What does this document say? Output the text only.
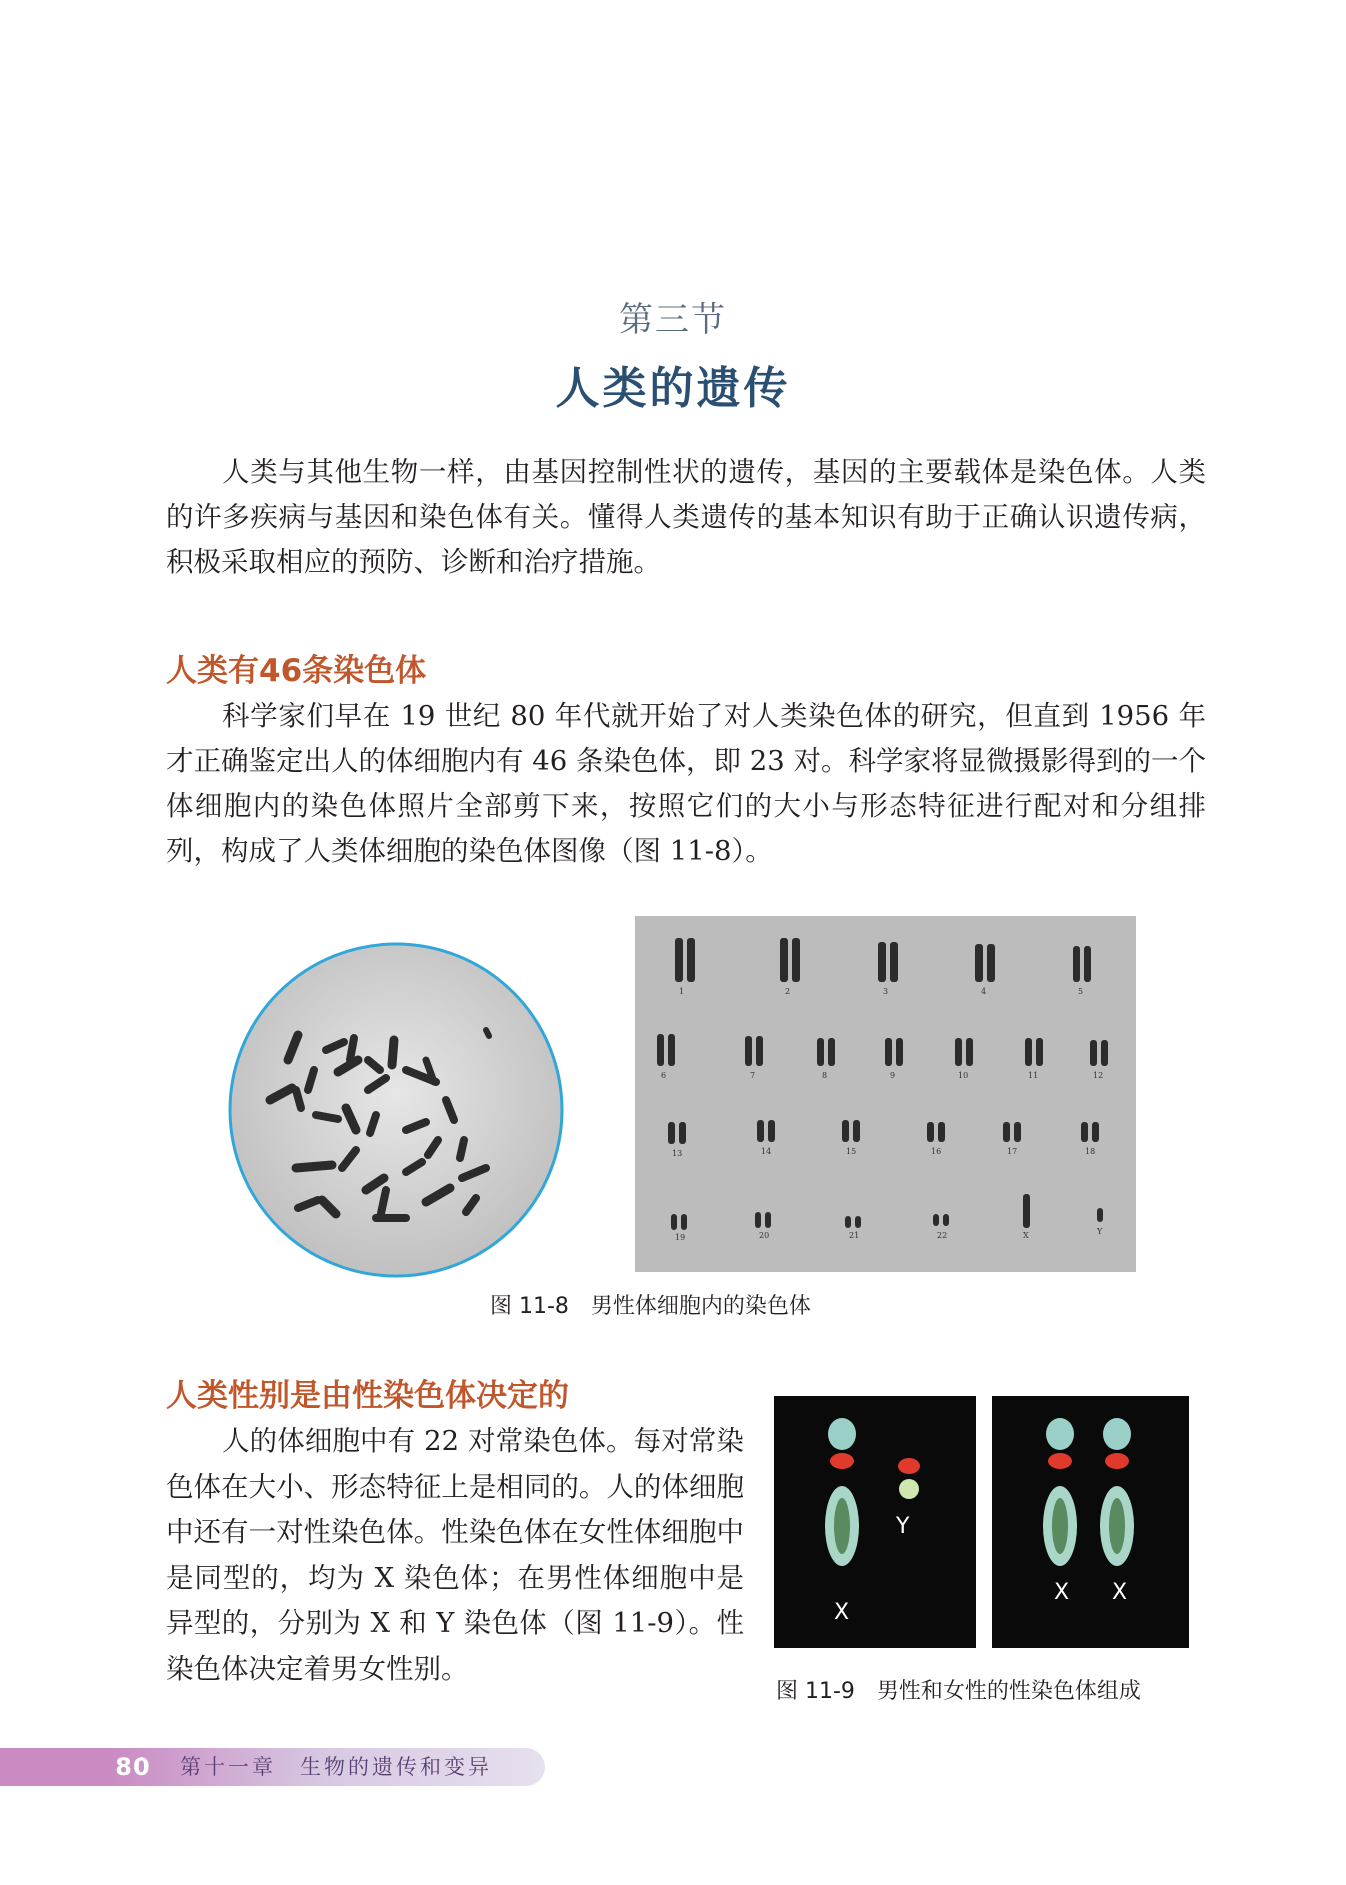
第三节
人类的遗传

人类与其他生物一样，由基因控制性状的遗传，基因的主要载体是染色体。人类的许多疾病与基因和染色体有关。懂得人类遗传的基本知识有助于正确认识遗传病，积极采取相应的预防、诊断和治疗措施。

人类有46条染色体

科学家们早在 19 世纪 80 年代就开始了对人类染色体的研究，但直到 1956 年才正确鉴定出人的体细胞内有 46 条染色体，即 23 对。科学家将显微摄影得到的一个体细胞内的染色体照片全部剪下来，按照它们的大小与形态特征进行配对和分组排列，构成了人类体细胞的染色体图像（图 11-8）。

1	2	3	4	5
6	7	8	9	10	11	12
13	14	15	16	17	18
19	20	21	22	X	Y
图 11-8　男性体细胞内的染色体
人类性别是由性染色体决定的

人的体细胞中有 22 对常染色体。每对常染色体在大小、形态特征上是相同的。人的体细胞中还有一对性染色体。性染色体在女性体细胞中是同型的，均为 X 染色体；在男性体细胞中是异型的，分别为 X 和 Y 染色体（图 11-9）。性染色体决定着男女性别。

Y
X
X X
图 11-9　男性和女性的性染色体组成
80	第十一章　生物的遗传和变异
